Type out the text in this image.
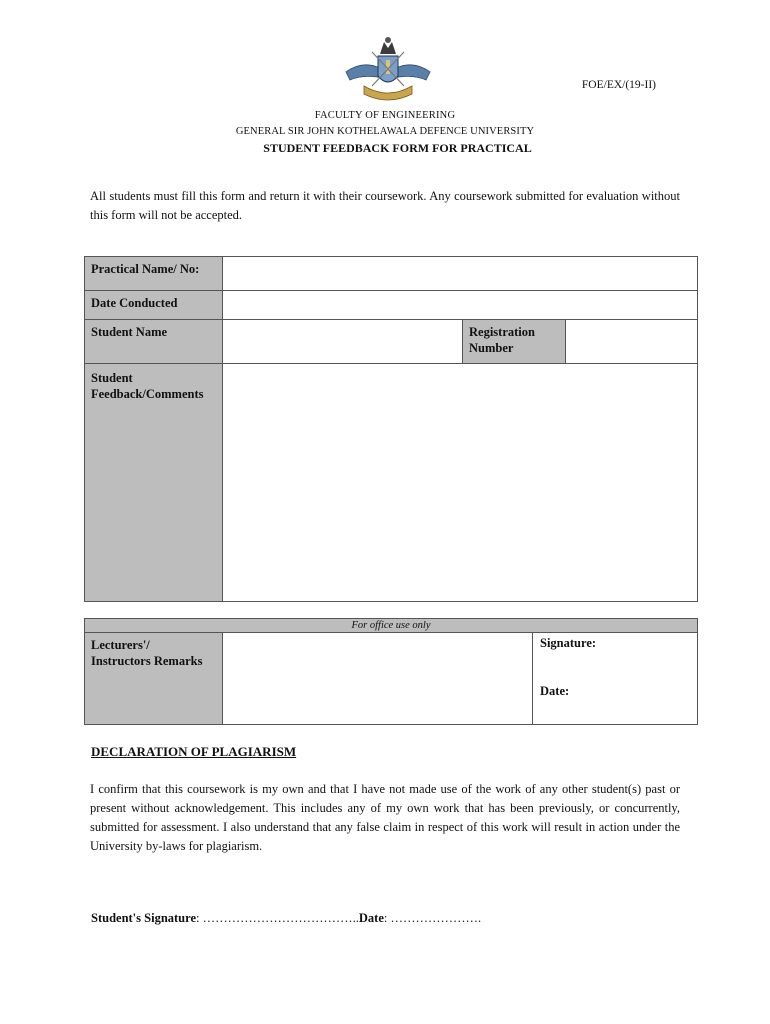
FOE/EX/(19-II)
FACULTY OF ENGINEERING
GENERAL SIR JOHN KOTHELAWALA DEFENCE UNIVERSITY
STUDENT FEEDBACK FORM FOR PRACTICAL
All students must fill this form and return it with their coursework. Any coursework submitted for evaluation without this form will not be accepted.
Practical Name/ No:
Date Conducted
Student Name	Registration
Number
Student
Feedback/Comments
For office use only
Lecturers'/
Instructors Remarks
Signature:
Date:
DECLARATION OF PLAGIARISM
I confirm that this coursework is my own and that I have not made use of the work of any other student(s) past or present without acknowledgement. This includes any of my own work that has been previously, or concurrently, submitted for assessment. I also understand that any false claim in respect of this work will result in action under the University by-laws for plagiarism.
Student's Signature: ………………………………..Date: ………………….
